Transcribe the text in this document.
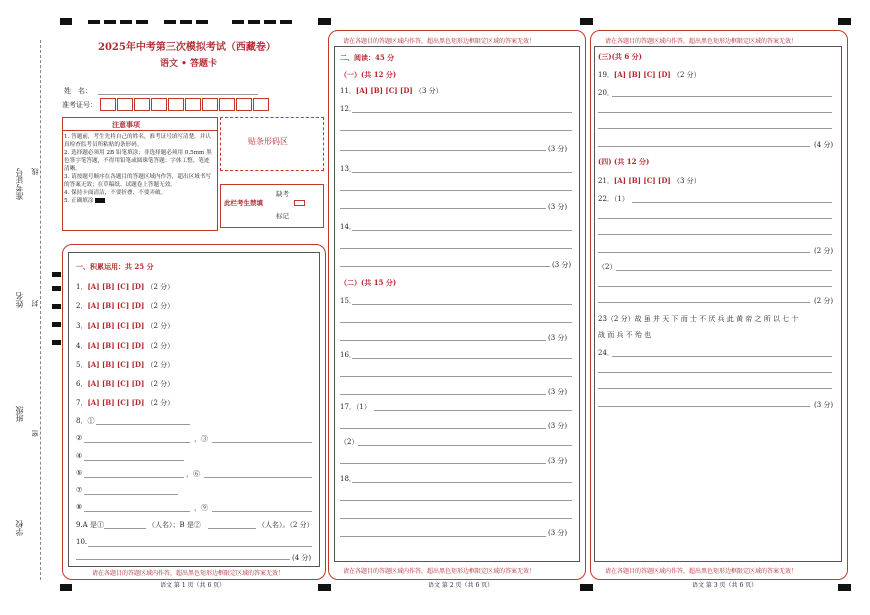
准考证号 线
姓名 封
班级
密
学校
2025年中考第三次模拟考试（西藏卷）
语文 • 答题卡
姓　名：
准考证号：
注意事项
1. 答题前，考生先将自己的姓名，准考证号填写清楚，并认真检查监考员所粘贴的条形码。
2. 选择题必须用 2B 铅笔填涂；非选择题必须用 0.5mm 黑色签字笔答题，不得用铅笔或圆珠笔答题；字体工整、笔迹清晰。
3. 请按题号顺序在各题目的答题区域内作答，超出区域书写的答案无效；在草稿纸、试题卷上答题无效。
4. 保持卡面清洁，不要折叠、不要弄破。
5. 正确填涂
贴条形码区
此栏考生禁填
缺考
标记
一、积累运用：共 25 分
1．[A] [B] [C] [D] （2 分）
2．[A] [B] [C] [D] （2 分）
3．[A] [B] [C] [D] （2 分）
4．[A] [B] [C] [D] （2 分）
5．[A] [B] [C] [D] （2 分）
6．[A] [B] [C] [D] （2 分）
7．[A] [B] [C] [D] （2 分）
8．①
②	，③
④
⑤	，⑥
⑦
⑧	，⑨
9.A 是①	（人名）；B 是②	（人名）。（2 分）
10.
(4 分)
请在各题目的答题区域内作答，超出黑色矩形边框限定区域的答案无效！
请在各题目的答题区域内作答，超出黑色矩形边框限定区域的答案无效！
二、阅读：45 分
（一）(共 12 分)
11．[A] [B] [C] [D] （3 分）
12．
(3 分)
13．
(3 分)
14．
(3 分)
（二）(共 15 分)
15．
(3 分)
16．
(3 分)
17．（1）
(3 分)
（2）
(3 分)
18．
(3 分)
请在各题目的答题区域内作答，超出黑色矩形边框限定区域的答案无效！
请在各题目的答题区域内作答，超出黑色矩形边框限定区域的答案无效！
(三)(共 6 分)
19．[A] [B] [C] [D] （2 分）
20．
(4 分)
(四) (共 12 分)
21．[A] [B] [C] [D] （3 分）
22．（1）
(2 分)
（2）
(2 分)
23（2 分）故 虽 并 天 下 而 士 不 厌 兵 此 黄 帝 之 所 以 七 十
战 而 兵 不 殆 也
24．
(3 分)
请在各题目的答题区域内作答，超出黑色矩形边框限定区域的答案无效！
语文 第 1 页（共 6 页）	语文 第 2 页（共 6 页）	语文 第 3 页（共 6 页）
